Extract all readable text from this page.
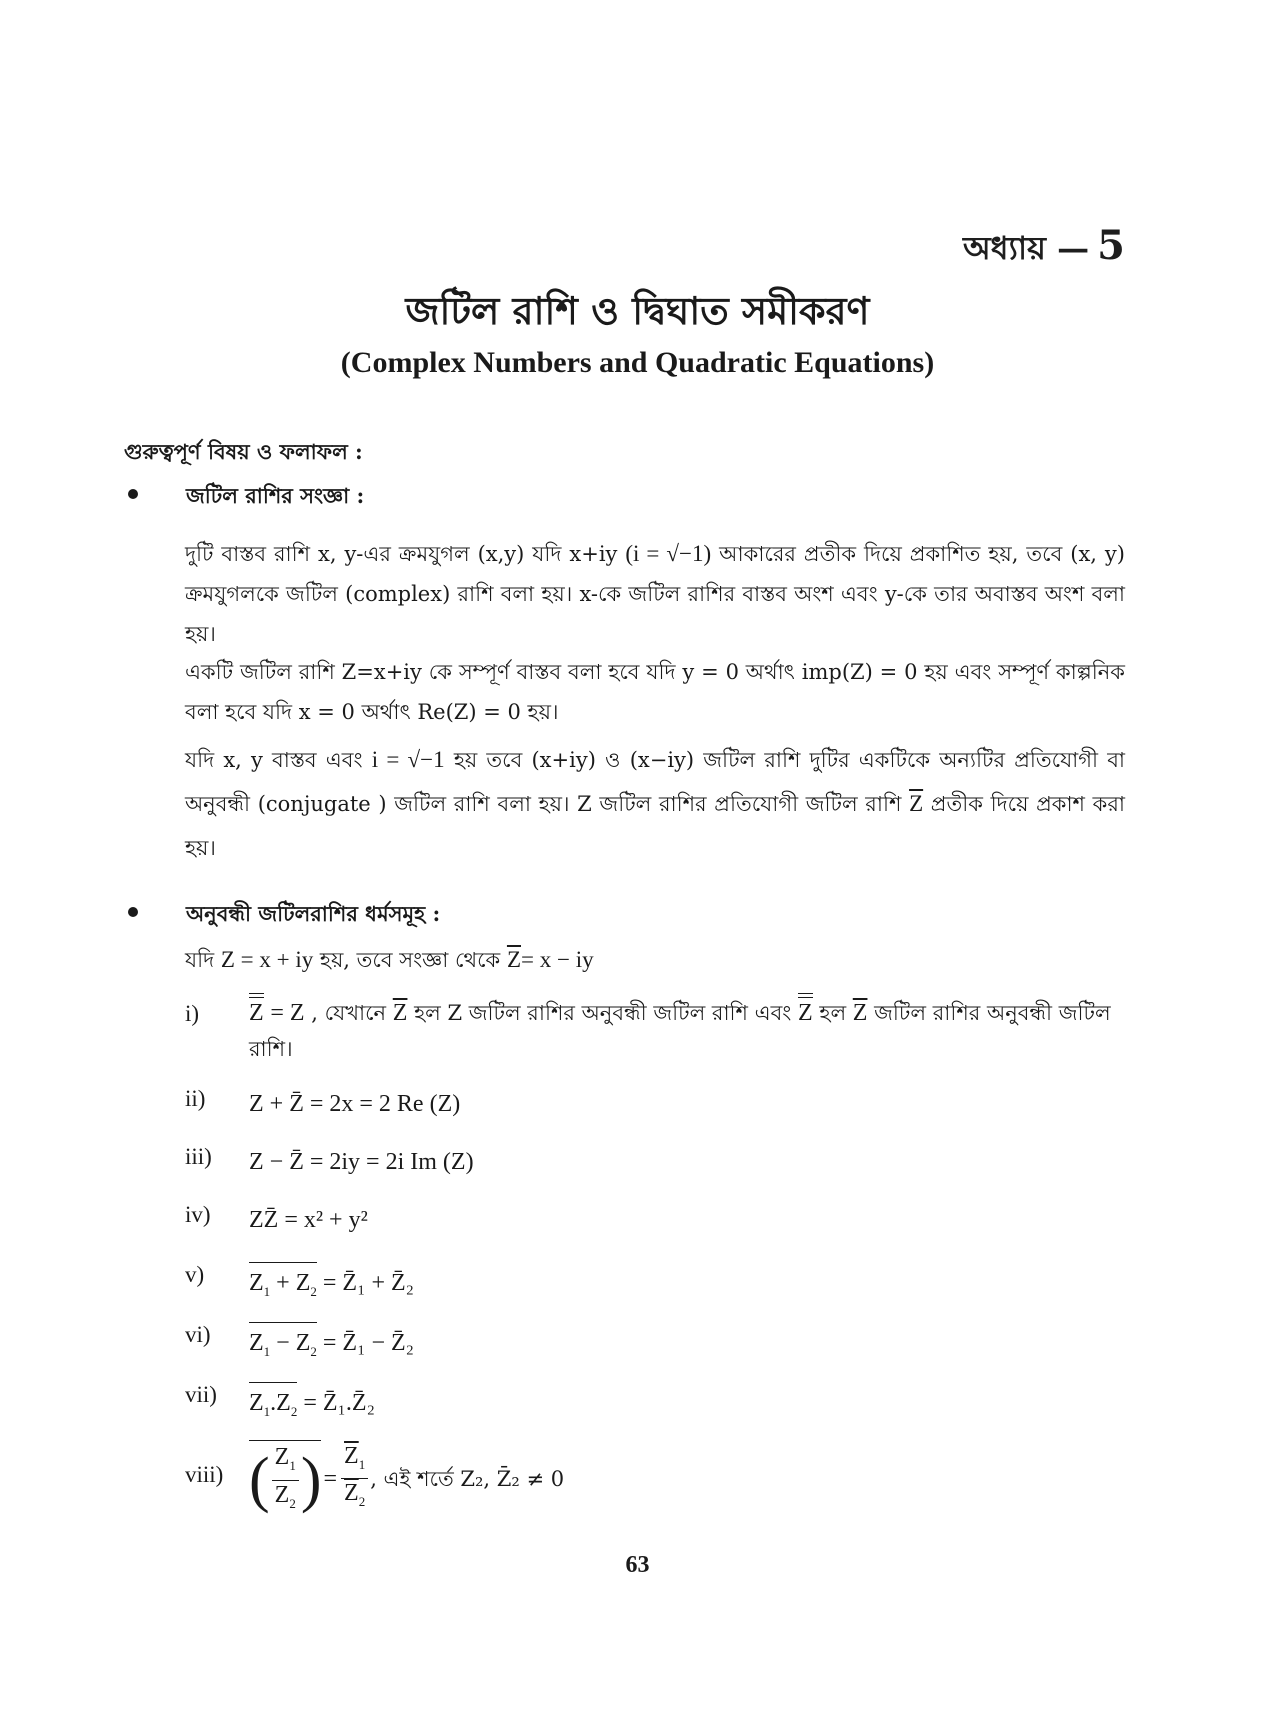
অধ্যায় — 5
জটিল রাশি ও দ্বিঘাত সমীকরণ
(Complex Numbers and Quadratic Equations)
গুরুত্বপূর্ণ বিষয় ও ফলাফল :
জটিল রাশির সংজ্ঞা :
দুটি বাস্তব রাশি x, y-এর ক্রমযুগল (x,y) যদি x+iy (i = √−1) আকারের প্রতীক দিয়ে প্রকাশিত হয়, তবে (x, y) ক্রমযুগলকে জটিল (complex) রাশি বলা হয়। x-কে জটিল রাশির বাস্তব অংশ এবং y-কে তার অবাস্তব অংশ বলা হয়।
একটি জটিল রাশি Z=x+iy কে সম্পূর্ণ বাস্তব বলা হবে যদি y = 0 অর্থাৎ imp(Z) = 0 হয় এবং সম্পূর্ণ কাল্পনিক বলা হবে যদি x = 0 অর্থাৎ Re(Z) = 0 হয়।
যদি x, y বাস্তব এবং i = √−1 হয় তবে (x+iy) ও (x−iy) জটিল রাশি দুটির একটিকে অন্যটির প্রতিযোগী বা অনুবন্ধী (conjugate ) জটিল রাশি বলা হয়। Z জটিল রাশির প্রতিযোগী জটিল রাশি $\overline{Z}$ প্রতীক দিয়ে প্রকাশ করা হয়।
অনুবন্ধী জটিলরাশির ধর্মসমূহ :
যদি Z = x + iy হয়, তবে সংজ্ঞা থেকে $\overline{Z}= x$ − iy
i)	Z = Z , যেখানে $\overline{Z}$ হল Z জটিল রাশির অনুবন্ধী জটিল রাশি এবং Z হল $\overline{Z}$ জটিল রাশির অনুবন্ধী জটিল রাশি।
ii)	Z + Z̄ = 2x = 2 Re (Z)
iii)	Z − Z̄ = 2iy = 2i Im (Z)
iv)	ZZ̄ = x² + y²
v)	$Z_1 + Z_2$ = Z̄₁ + Z̄₂
vi)	$Z_1 - Z_2$ = Z̄₁ − Z̄₂
vii)	$Z_1.Z_2$ = Z̄₁.Z̄₂
viii) ( $\frac{Z_1}{Z_2}$ ) = $\frac{\overline{Z}_1}{\overline{Z}_2}$ , এই শর্তে Z₂, Z̄₂ ≠ 0
63
